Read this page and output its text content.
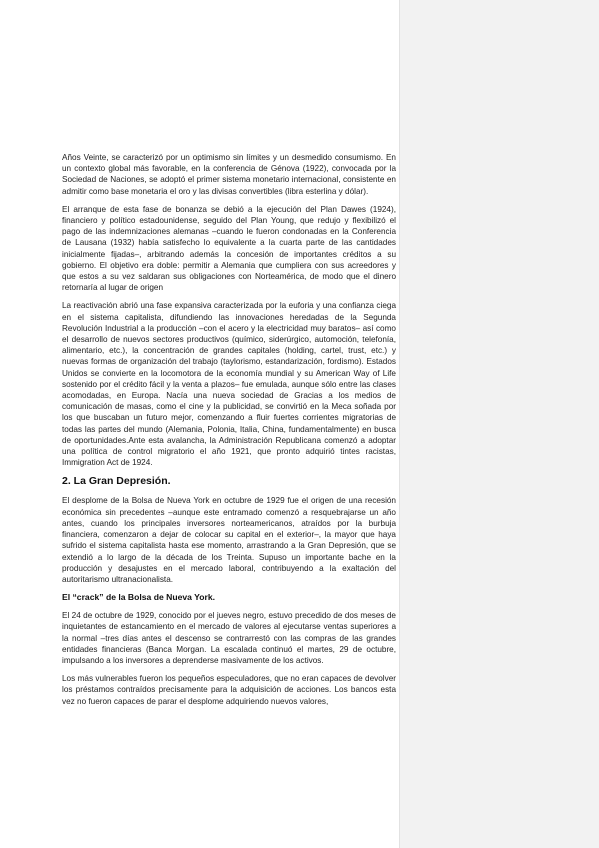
Años Veinte, se caracterizó por un optimismo sin límites y un desmedido consumismo. En un contexto global más favorable, en la conferencia de Génova (1922), convocada por la Sociedad de Naciones, se adoptó el primer sistema monetario internacional, consistente en admitir como base monetaria el oro y las divisas convertibles (libra esterlina y dólar).

El arranque de esta fase de bonanza se debió a la ejecución del Plan Dawes (1924), financiero y político estadounidense, seguido del Plan Young, que redujo y flexibilizó el pago de las indemnizaciones alemanas –cuando le fueron condonadas en la Conferencia de Lausana (1932) había satisfecho lo equivalente a la cuarta parte de las cantidades inicialmente fijadas–, arbitrando además la concesión de importantes créditos a su gobierno. El objetivo era doble: permitir a Alemania que cumpliera con sus acreedores y que estos a su vez saldaran sus obligaciones con Norteamérica, de modo que el dinero retornaría al lugar de origen

La reactivación abrió una fase expansiva caracterizada por la euforia y una confianza ciega en el sistema capitalista, difundiendo las innovaciones heredadas de la Segunda Revolución Industrial a la producción –con el acero y la electricidad muy baratos– así como el desarrollo de nuevos sectores productivos (químico, siderúrgico, automoción, telefonía, alimentario, etc.), la concentración de grandes capitales (holding, cartel, trust, etc.) y nuevas formas de organización del trabajo (taylorismo, estandarización, fordismo). Estados Unidos se convierte en la locomotora de la economía mundial y su American Way of Life sostenido por el crédito fácil y la venta a plazos– fue emulada, aunque sólo entre las clases acomodadas, en Europa. Nacía una nueva sociedad de Gracias a los medios de comunicación de masas, como el cine y la publicidad, se convirtió en la Meca soñada por los que buscaban un futuro mejor, comenzando a fluir fuertes corrientes migratorias de todas las partes del mundo (Alemania, Polonia, Italia, China, fundamentalmente) en busca de oportunidades.Ante esta avalancha, la Administración Republicana comenzó a adoptar una política de control migratorio el año 1921, que pronto adquirió tintes racistas, Immigration Act de 1924.

2. La Gran Depresión.

El desplome de la Bolsa de Nueva York en octubre de 1929 fue el origen de una recesión económica sin precedentes –aunque este entramado comenzó a resquebrajarse un año antes, cuando los principales inversores norteamericanos, atraídos por la burbuja financiera, comenzaron a dejar de colocar su capital en el exterior–, la mayor que haya sufrido el sistema capitalista hasta ese momento, arrastrando a la Gran Depresión, que se extendió a lo largo de la década de los Treinta. Supuso un importante bache en la producción y desajustes en el mercado laboral, contribuyendo a la exaltación del autoritarismo ultranacionalista.

El “crack” de la Bolsa de Nueva York.

El 24 de octubre de 1929, conocido por el jueves negro, estuvo precedido de dos meses de inquietantes de estancamiento en el mercado de valores al ejecutarse ventas superiores a la normal –tres días antes el descenso se contrarrestó con las compras de las grandes entidades financieras (Banca Morgan. La escalada continuó el martes, 29 de octubre, impulsando a los inversores a deprenderse masivamente de los activos.

Los más vulnerables fueron los pequeños especuladores, que no eran capaces de devolver los préstamos contraídos precisamente para la adquisición de acciones. Los bancos esta vez no fueron capaces de parar el desplome adquiriendo nuevos valores,
